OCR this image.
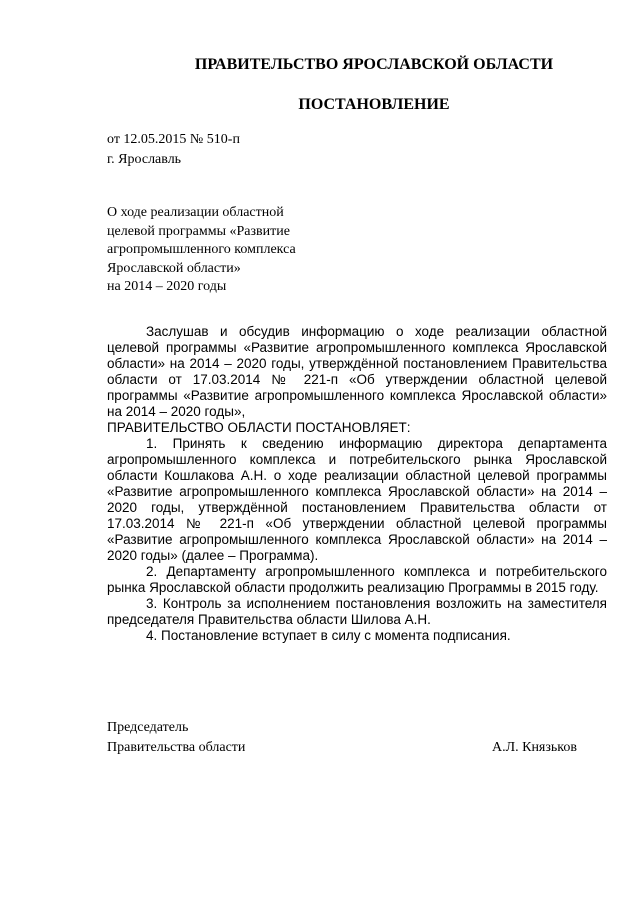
ПРАВИТЕЛЬСТВО ЯРОСЛАВСКОЙ ОБЛАСТИ
ПОСТАНОВЛЕНИЕ
от 12.05.2015 № 510-п
г. Ярославль
О ходе реализации областной
целевой программы «Развитие
агропромышленного комплекса
Ярославской области»
на 2014 – 2020 годы

Заслушав и обсудив информацию о ходе реализации областной целевой программы «Развитие агропромышленного комплекса Ярославской области» на 2014 – 2020 годы, утверждённой постановлением Правительства области от 17.03.2014 № 221-п «Об утверждении областной целевой программы «Развитие агропромышленного комплекса Ярославской области» на 2014 – 2020 годы»,

ПРАВИТЕЛЬСТВО ОБЛАСТИ ПОСТАНОВЛЯЕТ:

1. Принять к сведению информацию директора департамента агропромышленного комплекса и потребительского рынка Ярославской области Кошлакова А.Н. о ходе реализации областной целевой программы «Развитие агропромышленного комплекса Ярославской области» на 2014 – 2020 годы, утверждённой постановлением Правительства области от 17.03.2014 № 221-п «Об утверждении областной целевой программы «Развитие агропромышленного комплекса Ярославской области» на 2014 – 2020 годы» (далее – Программа).

2. Департаменту агропромышленного комплекса и потребительского рынка Ярославской области продолжить реализацию Программы в 2015 году.

3. Контроль за исполнением постановления возложить на заместителя председателя Правительства области Шилова А.Н.

4. Постановление вступает в силу с момента подписания.

Председатель
Правительства области	А.Л. Князьков
